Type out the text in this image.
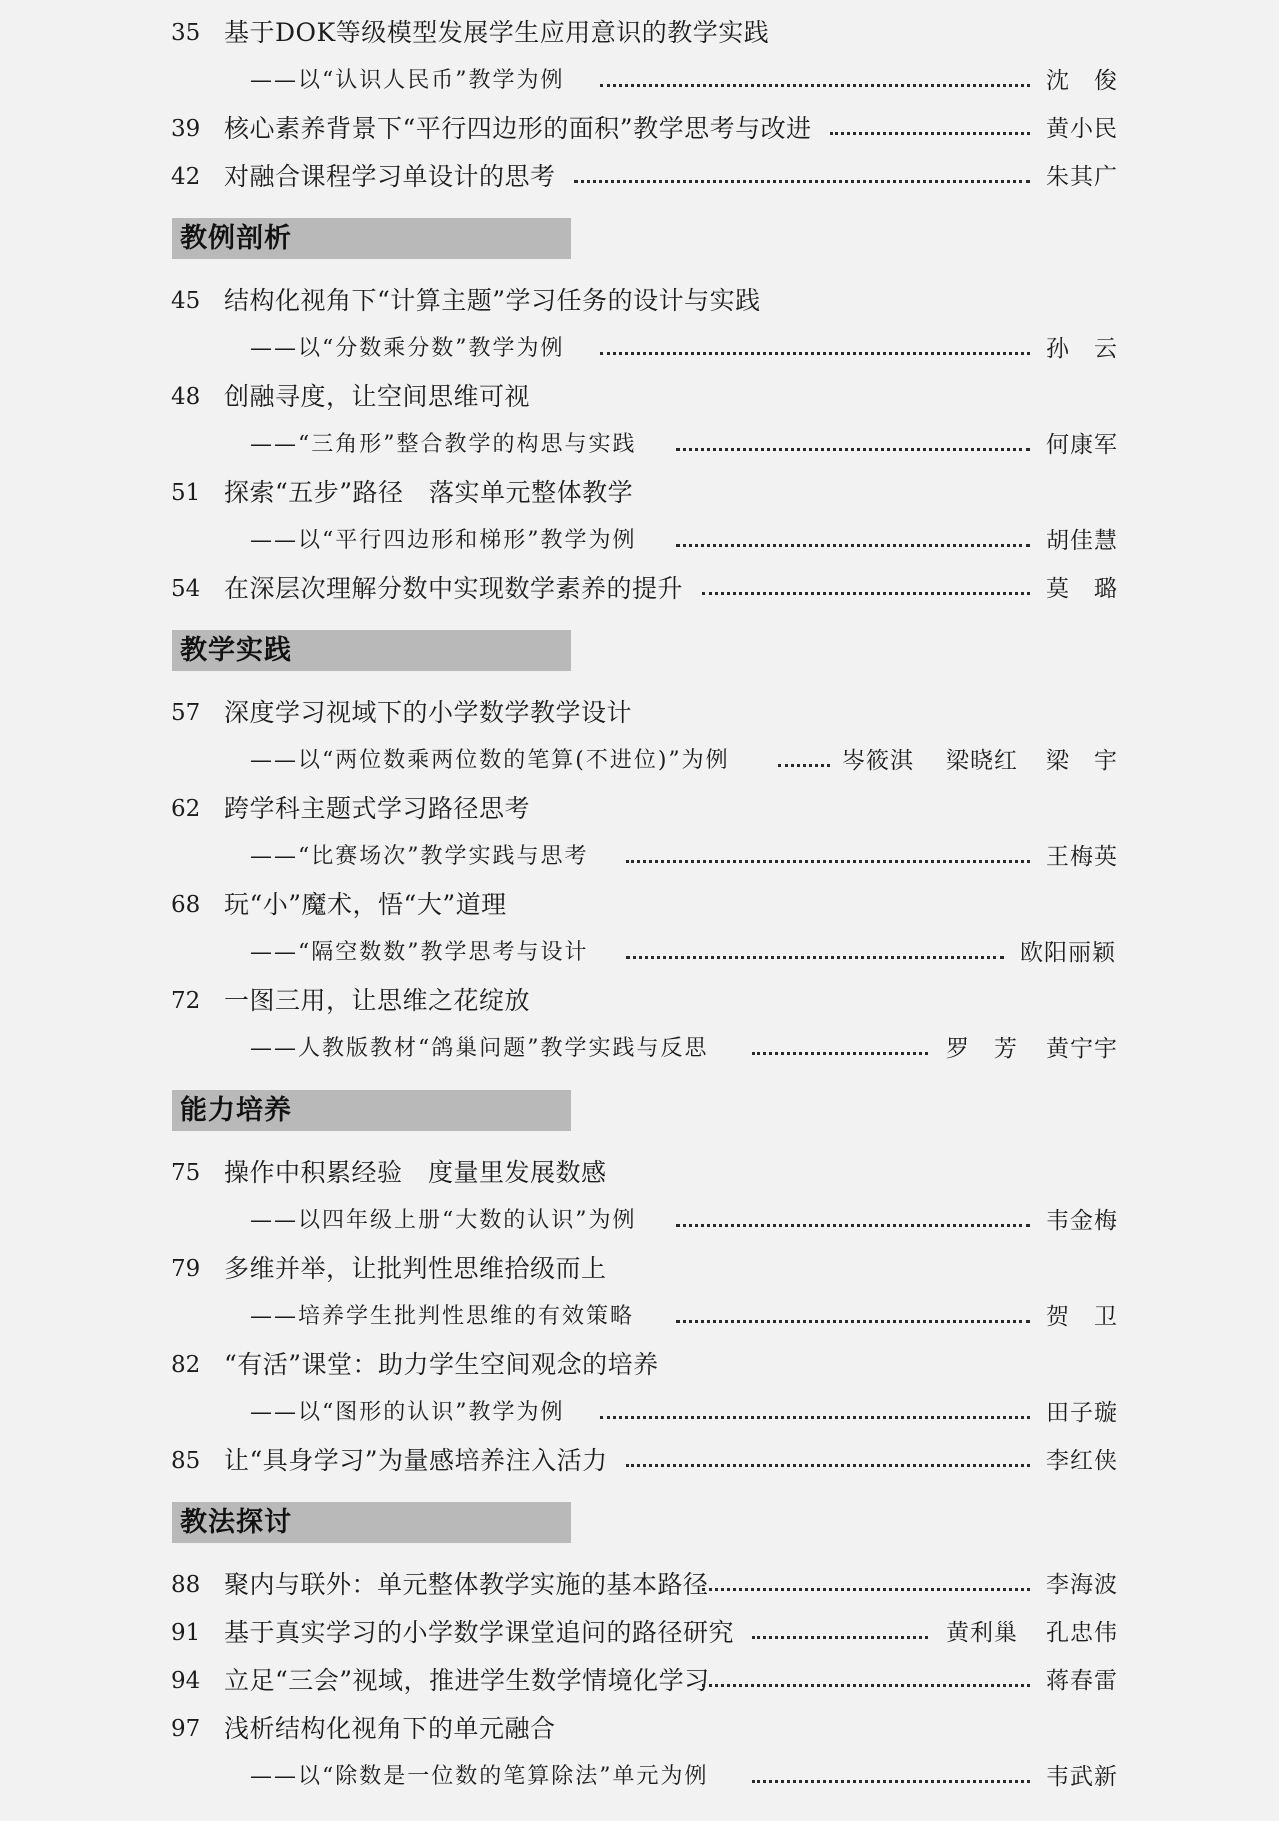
35 基于DOK等级模型发展学生应用意识的教学实践
——以“认识人民币”教学为例	沈　俊
39 核心素养背景下“平行四边形的面积”教学思考与改进	黄小民
42 对融合课程学习单设计的思考	朱其广
教例剖析
45 结构化视角下“计算主题”学习任务的设计与实践
——以“分数乘分数”教学为例	孙　云
48 创融寻度，让空间思维可视
——“三角形”整合教学的构思与实践	何康军
51 探索“五步”路径　落实单元整体教学
——以“平行四边形和梯形”教学为例	胡佳慧
54 在深层次理解分数中实现数学素养的提升	莫　璐
教学实践
57 深度学习视域下的小学数学教学设计
——以“两位数乘两位数的笔算(不进位)”为例	岑筱淇 梁晓红 梁　宇
62 跨学科主题式学习路径思考
——“比赛场次”教学实践与思考	王梅英
68 玩“小”魔术，悟“大”道理
——“隔空数数”教学思考与设计	欧阳丽颖
72 一图三用，让思维之花绽放
——人教版教材“鸽巢问题”教学实践与反思	罗　芳 黄宁宇
能力培养
75 操作中积累经验　度量里发展数感
——以四年级上册“大数的认识”为例	韦金梅
79 多维并举，让批判性思维拾级而上
——培养学生批判性思维的有效策略	贺　卫
82 “有活”课堂：助力学生空间观念的培养
——以“图形的认识”教学为例	田子璇
85 让“具身学习”为量感培养注入活力	李红侠
教法探讨
88 聚内与联外：单元整体教学实施的基本路径	李海波
91 基于真实学习的小学数学课堂追问的路径研究	黄利巢 孔忠伟
94 立足“三会”视域，推进学生数学情境化学习	蒋春雷
97 浅析结构化视角下的单元融合
——以“除数是一位数的笔算除法”单元为例	韦武新
